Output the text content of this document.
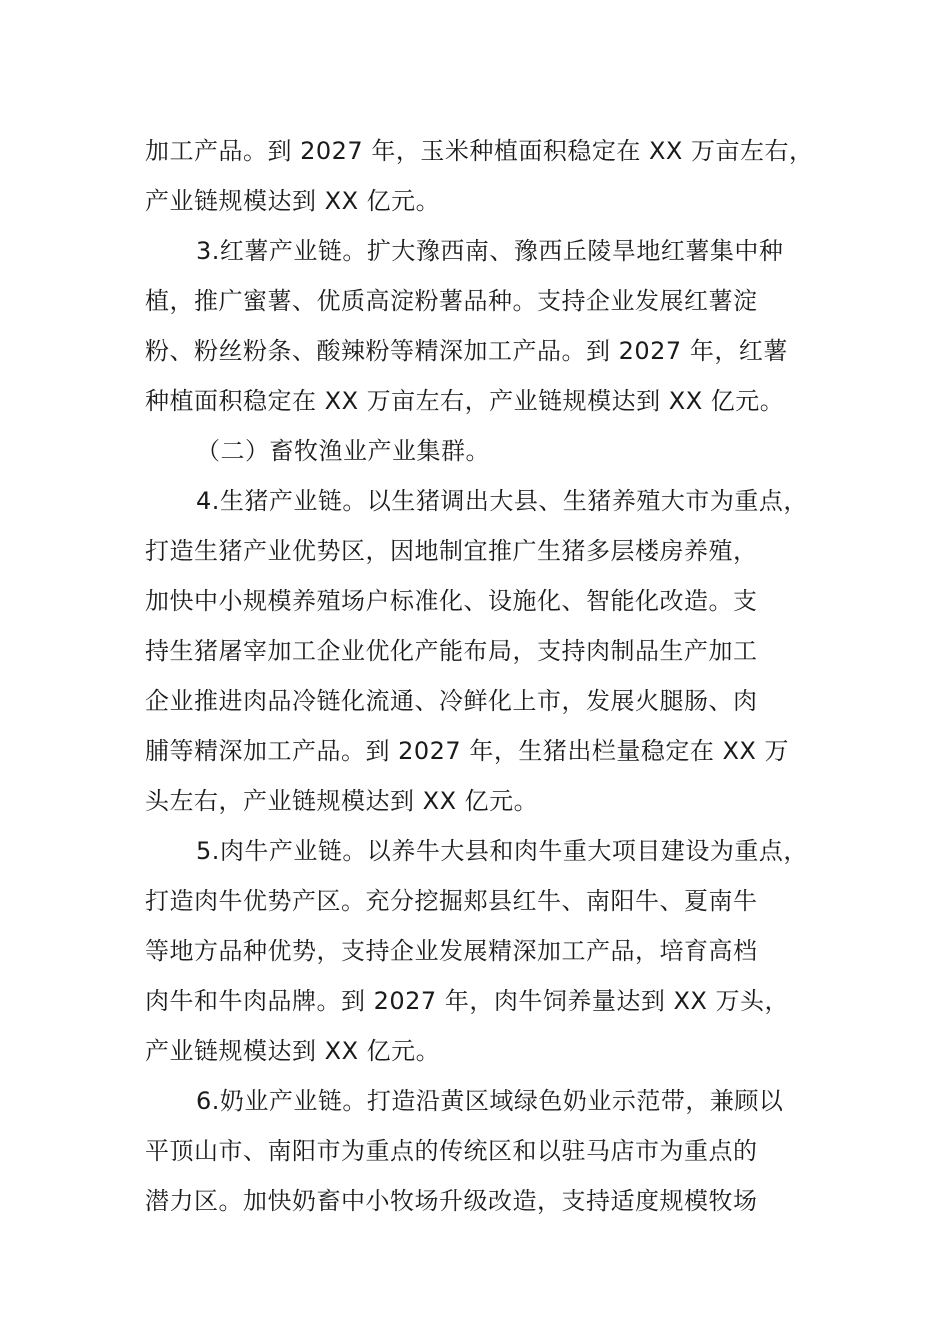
加工产品。到 2027 年，玉米种植面积稳定在 XX 万亩左右，
产业链规模达到 XX 亿元。
3.红薯产业链。扩大豫西南、豫西丘陵旱地红薯集中种
植，推广蜜薯、优质高淀粉薯品种。支持企业发展红薯淀
粉、粉丝粉条、酸辣粉等精深加工产品。到 2027 年，红薯
种植面积稳定在 XX 万亩左右，产业链规模达到 XX 亿元。
（二）畜牧渔业产业集群。
4.生猪产业链。以生猪调出大县、生猪养殖大市为重点，
打造生猪产业优势区，因地制宜推广生猪多层楼房养殖，
加快中小规模养殖场户标准化、设施化、智能化改造。支
持生猪屠宰加工企业优化产能布局，支持肉制品生产加工
企业推进肉品冷链化流通、冷鲜化上市，发展火腿肠、肉
脯等精深加工产品。到 2027 年，生猪出栏量稳定在 XX 万
头左右，产业链规模达到 XX 亿元。
5.肉牛产业链。以养牛大县和肉牛重大项目建设为重点，
打造肉牛优势产区。充分挖掘郏县红牛、南阳牛、夏南牛
等地方品种优势，支持企业发展精深加工产品，培育高档
肉牛和牛肉品牌。到 2027 年，肉牛饲养量达到 XX 万头，
产业链规模达到 XX 亿元。
6.奶业产业链。打造沿黄区域绿色奶业示范带，兼顾以
平顶山市、南阳市为重点的传统区和以驻马店市为重点的
潜力区。加快奶畜中小牧场升级改造，支持适度规模牧场
